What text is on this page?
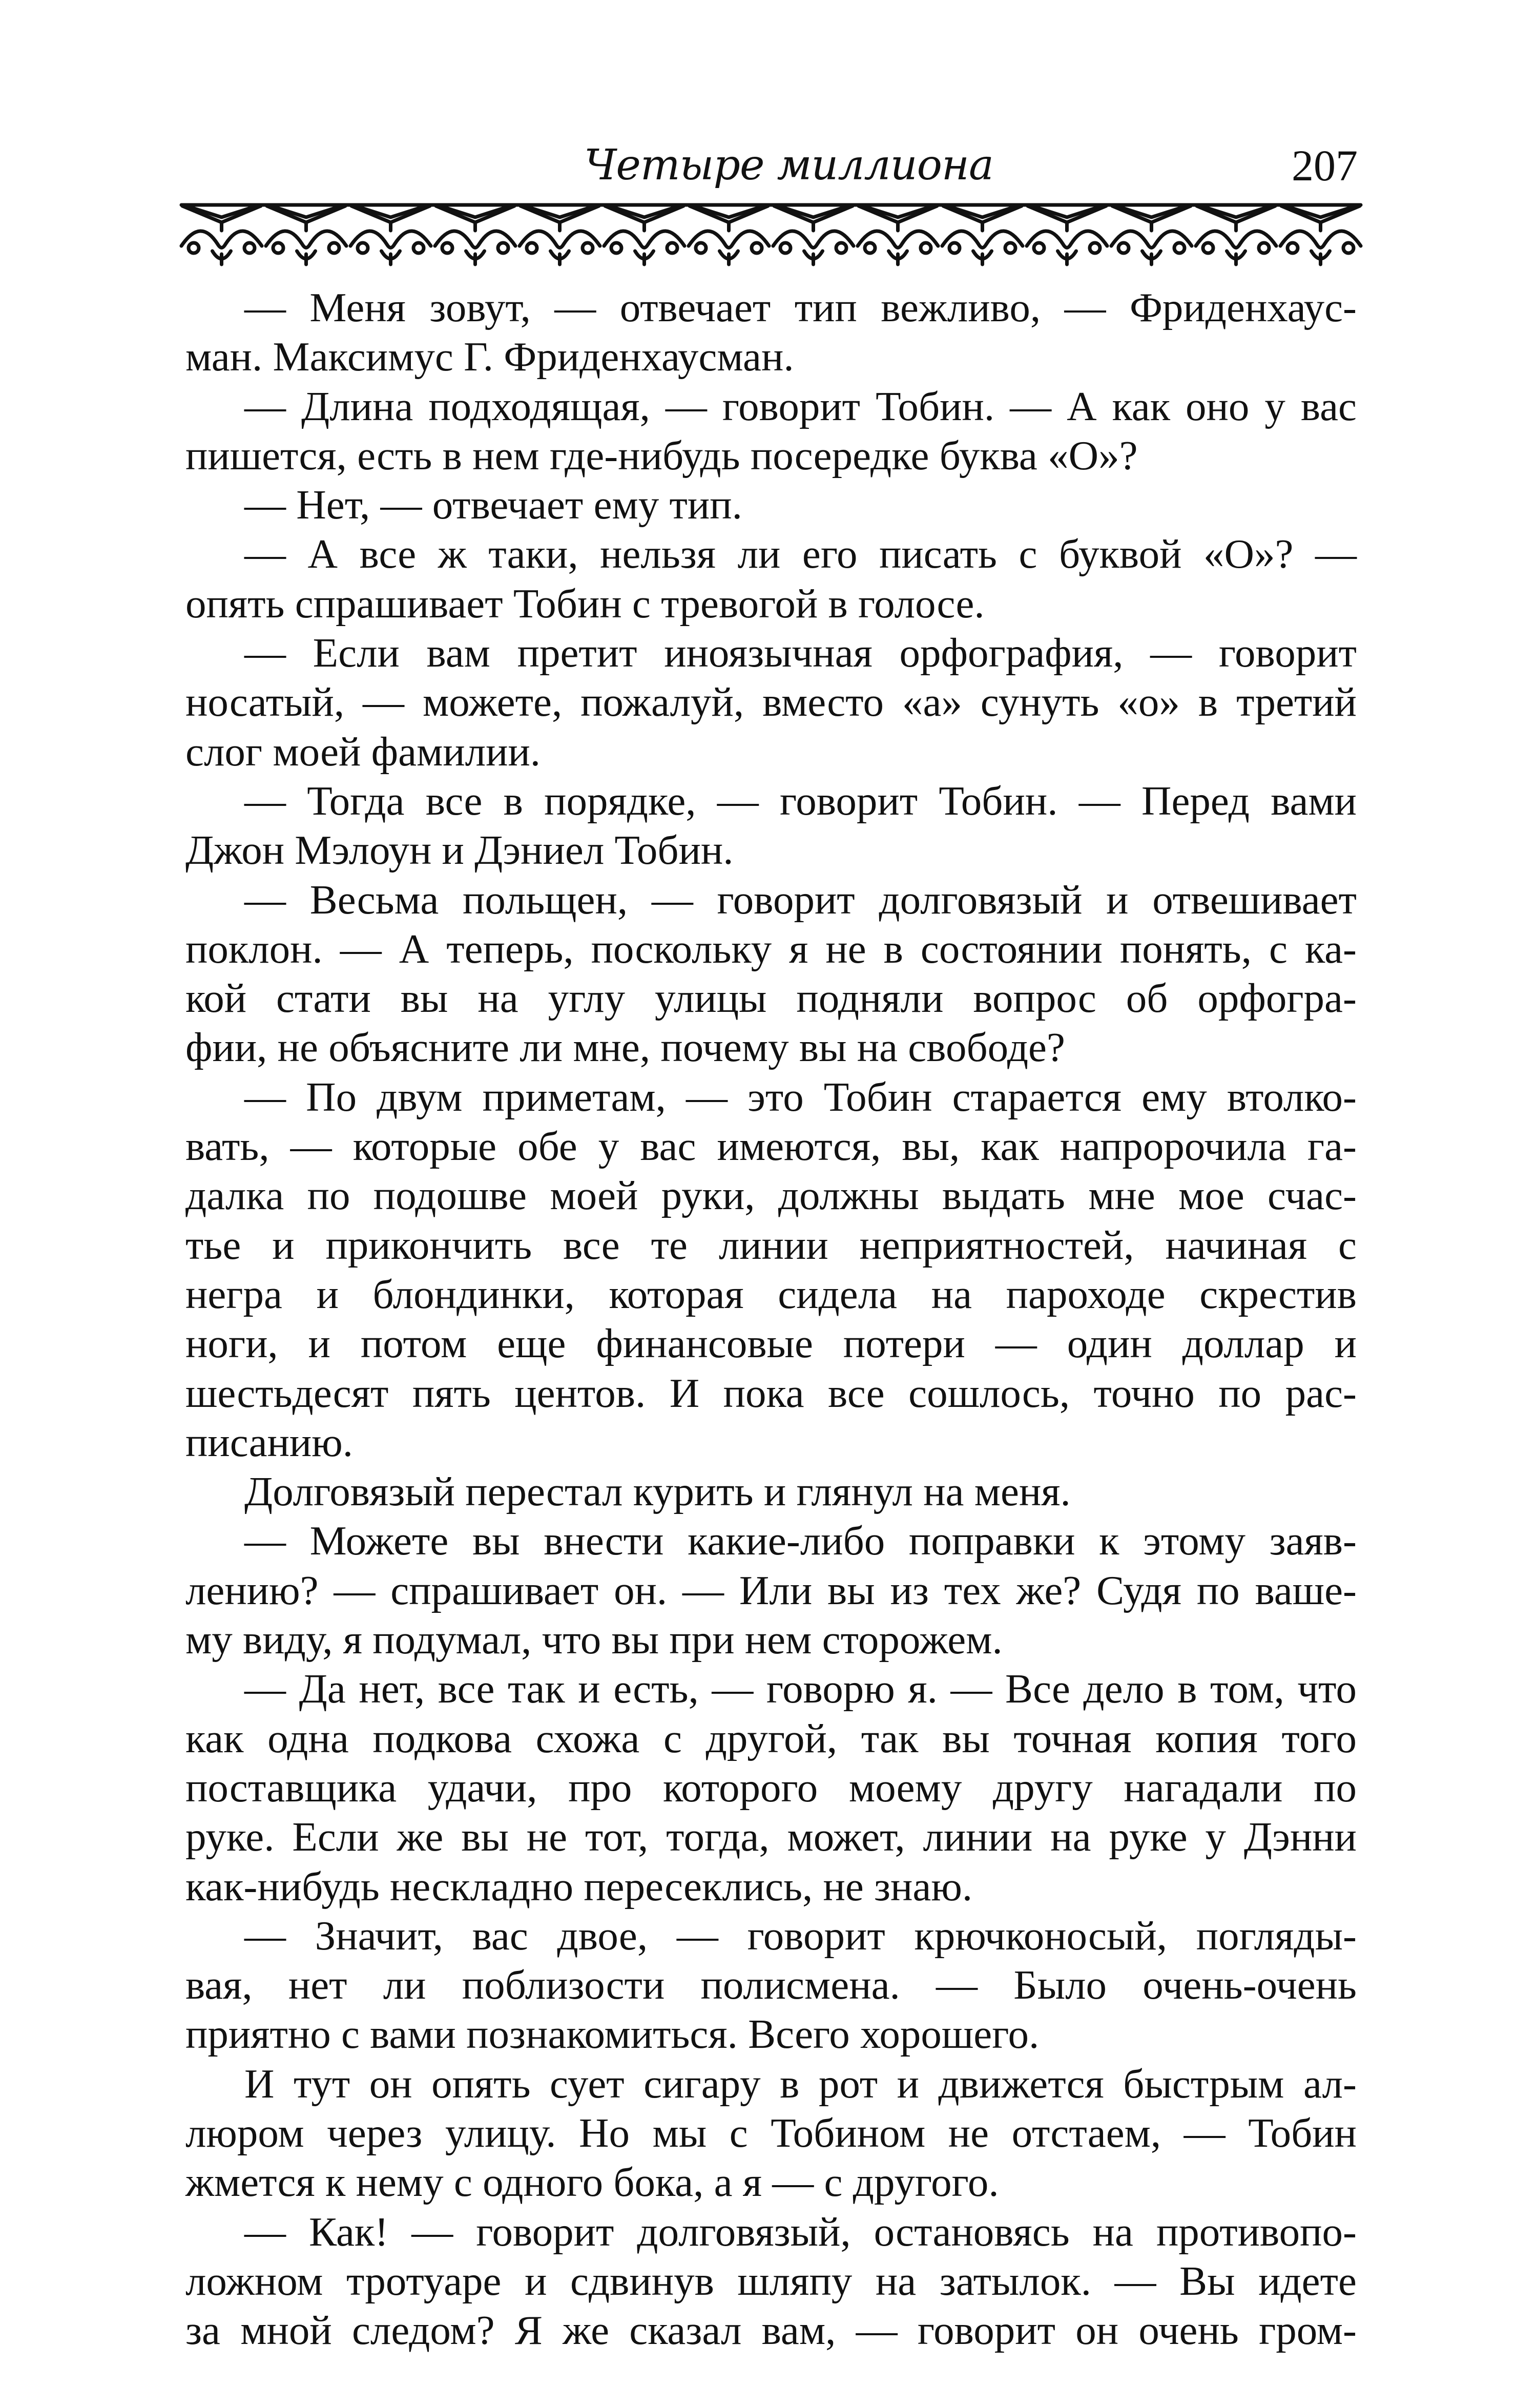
Четыре миллиона	207
— Меня зовут, — отвечает тип вежливо, — Фриденхаус-
ман. Максимус Г. Фриденхаусман.
— Длина подходящая, — говорит Тобин. — А как оно у вас
пишется, есть в нем где-нибудь посередке буква «О»?
— Нет, — отвечает ему тип.
— А все ж таки, нельзя ли его писать с буквой «О»? —
опять спрашивает Тобин с тревогой в голосе.
— Если вам претит иноязычная орфография, — говорит
носатый, — можете, пожалуй, вместо «а» сунуть «о» в третий
слог моей фамилии.
— Тогда все в порядке, — говорит Тобин. — Перед вами
Джон Мэлоун и Дэниел Тобин.
— Весьма польщен, — говорит долговязый и отвешивает
поклон. — А теперь, поскольку я не в состоянии понять, с ка-
кой стати вы на углу улицы подняли вопрос об орфогра-
фии, не объясните ли мне, почему вы на свободе?
— По двум приметам, — это Тобин старается ему втолко-
вать, — которые обе у вас имеются, вы, как напророчила га-
далка по подошве моей руки, должны выдать мне мое счас-
тье и прикончить все те линии неприятностей, начиная с
негра и блондинки, которая сидела на пароходе скрестив
ноги, и потом еще финансовые потери — один доллар и
шестьдесят пять центов. И пока все сошлось, точно по рас-
писанию.
Долговязый перестал курить и глянул на меня.
— Можете вы внести какие-либо поправки к этому заяв-
лению? — спрашивает он. — Или вы из тех же? Судя по ваше-
му виду, я подумал, что вы при нем сторожем.
— Да нет, все так и есть, — говорю я. — Все дело в том, что
как одна подкова схожа с другой, так вы точная копия того
поставщика удачи, про которого моему другу нагадали по
руке. Если же вы не тот, тогда, может, линии на руке у Дэнни
как-нибудь нескладно пересеклись, не знаю.
— Значит, вас двое, — говорит крючконосый, погляды-
вая, нет ли поблизости полисмена. — Было очень-очень
приятно с вами познакомиться. Всего хорошего.
И тут он опять сует сигару в рот и движется быстрым ал-
люром через улицу. Но мы с Тобином не отстаем, — Тобин
жмется к нему с одного бока, а я — с другого.
— Как! — говорит долговязый, остановясь на противопо-
ложном тротуаре и сдвинув шляпу на затылок. — Вы идете
за мной следом? Я же сказал вам, — говорит он очень гром-
